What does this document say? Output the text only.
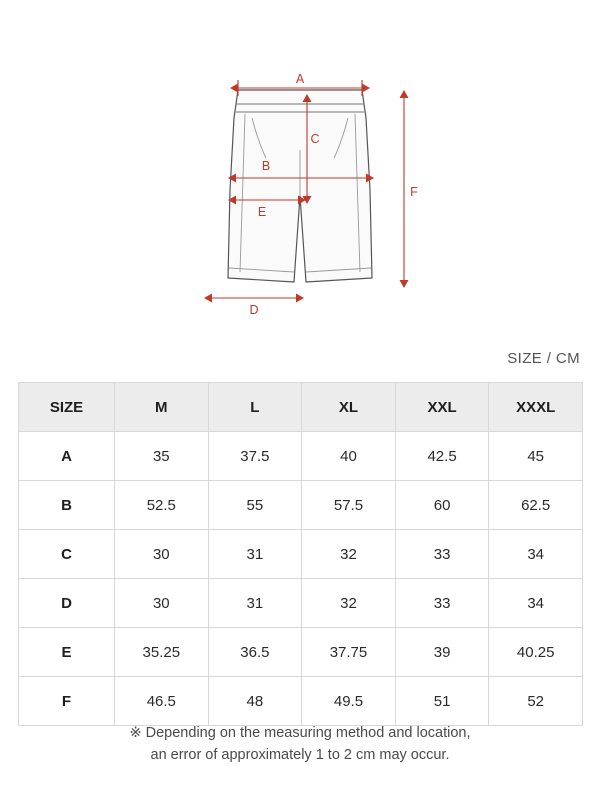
A
B
C
E
D
F
SIZE / CM
SIZE	M	L	XL	XXL	XXXL
A	35	37.5	40	42.5	45
B	52.5	55	57.5	60	62.5
C	30	31	32	33	34
D	30	31	32	33	34
E	35.25	36.5	37.75	39	40.25
F	46.5	48	49.5	51	52
※ Depending on the measuring method and location,
an error of approximately 1 to 2 cm may occur.
